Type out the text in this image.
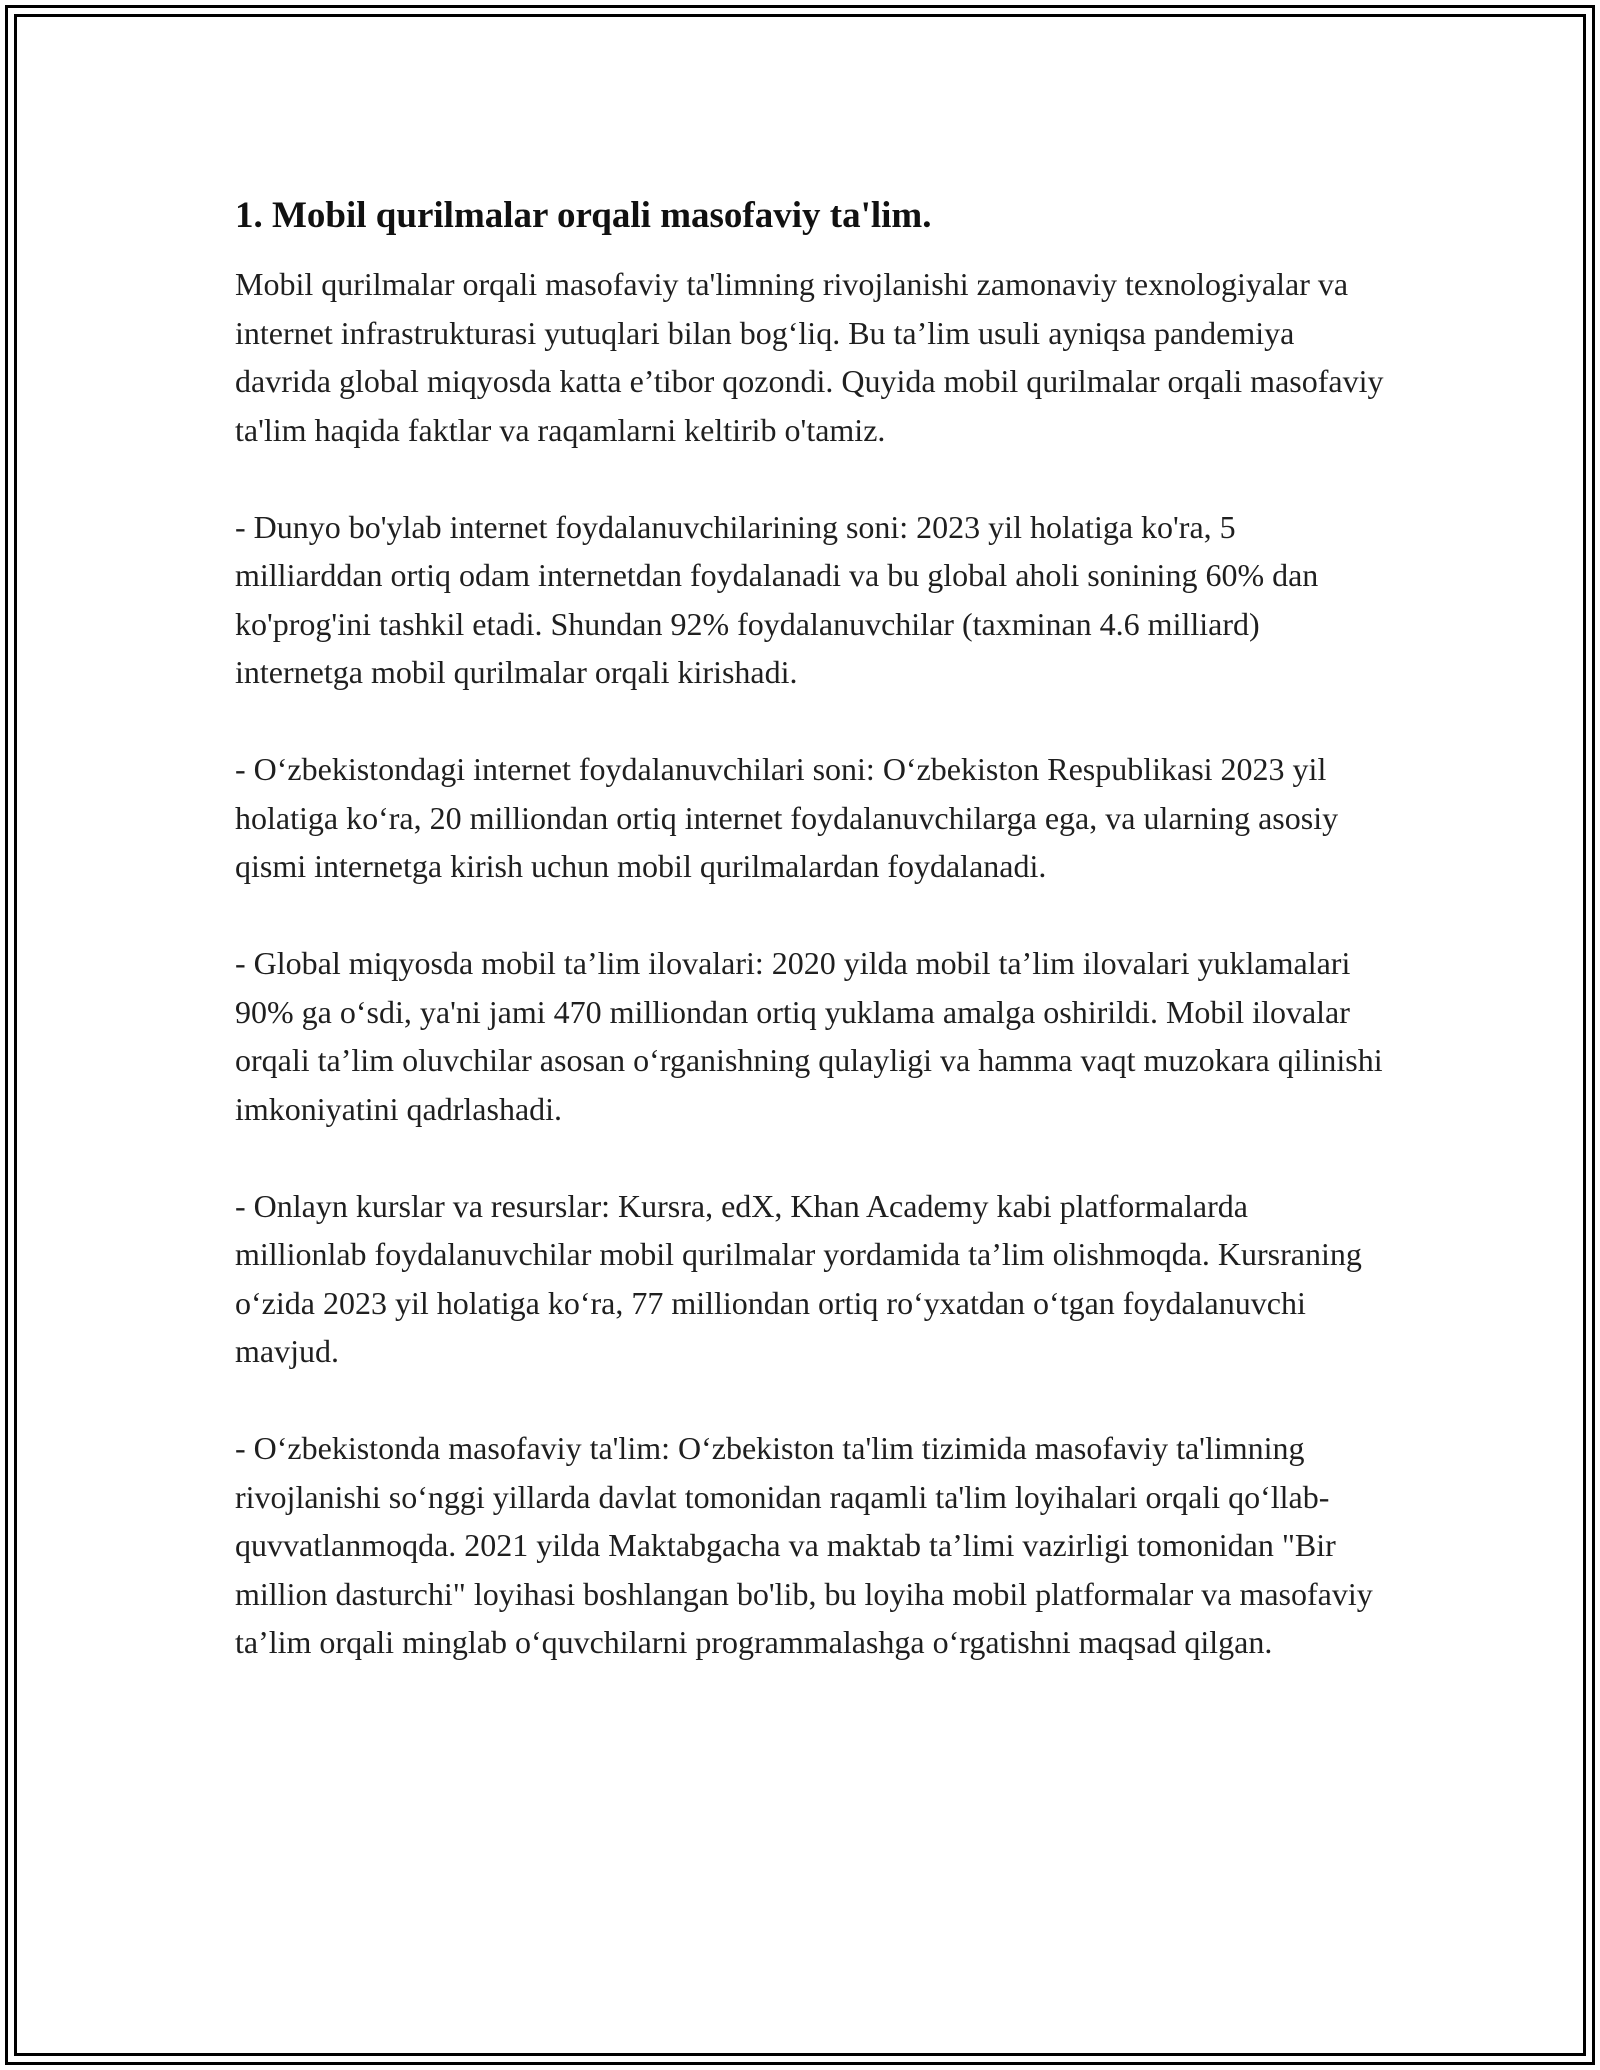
1. Mobil qurilmalar orqali masofaviy ta'lim.

Mobil qurilmalar orqali masofaviy ta'limning rivojlanishi zamonaviy texnologiyalar va internet infrastrukturasi yutuqlari bilan bog‘liq. Bu ta’lim usuli ayniqsa pandemiya davrida global miqyosda katta e’tibor qozondi. Quyida mobil qurilmalar orqali masofaviy ta'lim haqida faktlar va raqamlarni keltirib o'tamiz.

- Dunyo bo'ylab internet foydalanuvchilarining soni: 2023 yil holatiga ko'ra, 5 milliarddan ortiq odam internetdan foydalanadi va bu global aholi sonining 60% dan ko'prog'ini tashkil etadi. Shundan 92% foydalanuvchilar (taxminan 4.6 milliard) internetga mobil qurilmalar orqali kirishadi.

- O‘zbekistondagi internet foydalanuvchilari soni: O‘zbekiston Respublikasi 2023 yil holatiga ko‘ra, 20 milliondan ortiq internet foydalanuvchilarga ega, va ularning asosiy qismi internetga kirish uchun mobil qurilmalardan foydalanadi.

- Global miqyosda mobil ta’lim ilovalari: 2020 yilda mobil ta’lim ilovalari yuklamalari 90% ga o‘sdi, ya'ni jami 470 milliondan ortiq yuklama amalga oshirildi. Mobil ilovalar orqali ta’lim oluvchilar asosan o‘rganishning qulayligi va hamma vaqt muzokara qilinishi imkoniyatini qadrlashadi.

- Onlayn kurslar va resurslar: Kursra, edX, Khan Academy kabi platformalarda millionlab foydalanuvchilar mobil qurilmalar yordamida ta’lim olishmoqda. Kursraning o‘zida 2023 yil holatiga ko‘ra, 77 milliondan ortiq ro‘yxatdan o‘tgan foydalanuvchi mavjud.

- O‘zbekistonda masofaviy ta'lim: O‘zbekiston ta'lim tizimida masofaviy ta'limning rivojlanishi so‘nggi yillarda davlat tomonidan raqamli ta'lim loyihalari orqali qo‘llab-quvvatlanmoqda. 2021 yilda Maktabgacha va maktab ta’limi vazirligi tomonidan "Bir million dasturchi" loyihasi boshlangan bo'lib, bu loyiha mobil platformalar va masofaviy ta’lim orqali minglab o‘quvchilarni programmalashga o‘rgatishni maqsad qilgan.
